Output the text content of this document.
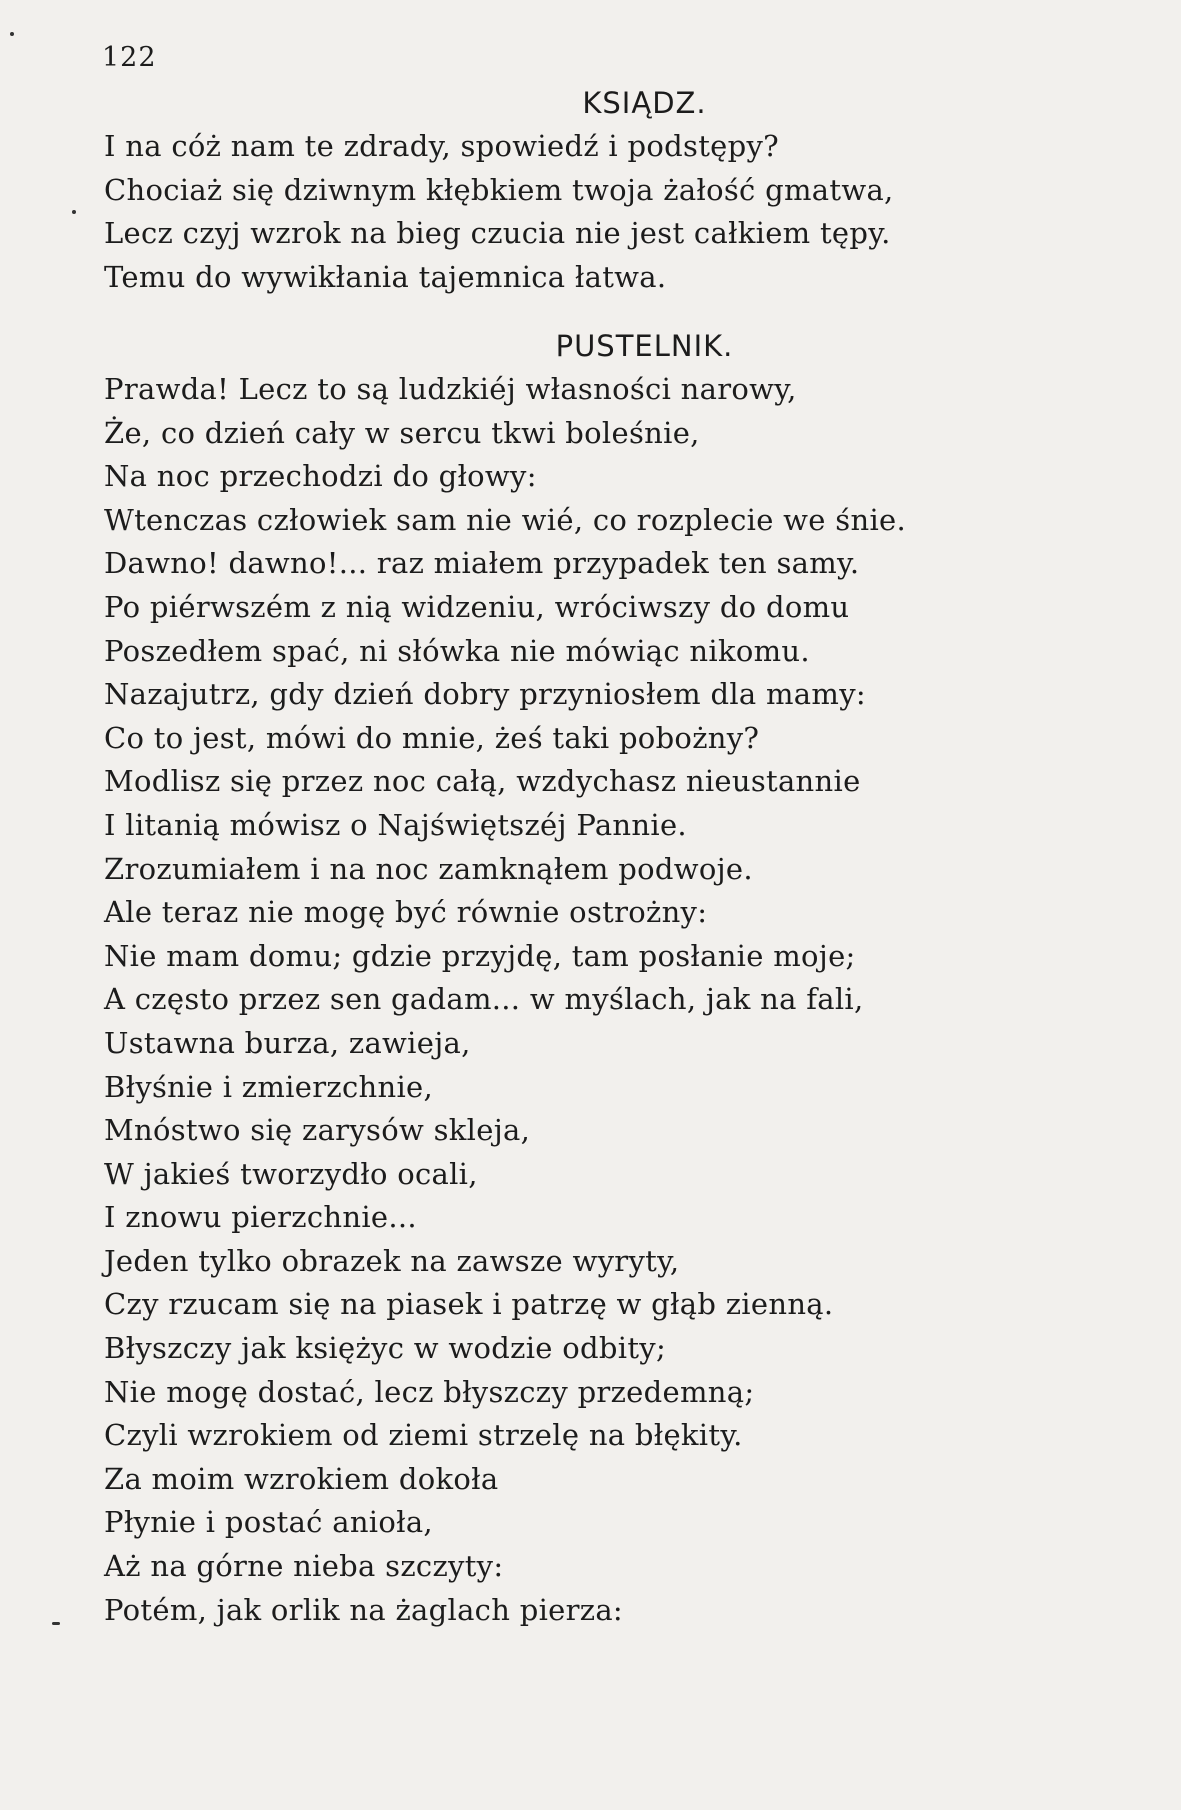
122
KSIĄDZ.
I na cóż nam te zdrady, spowiedź i podstępy?
Chociaż się dziwnym kłębkiem twoja żałość gmatwa,
Lecz czyj wzrok na bieg czucia nie jest całkiem tępy.
Temu do wywikłania tajemnica łatwa.
PUSTELNIK.
Prawda! Lecz to są ludzkiéj własności narowy,
Że, co dzień cały w sercu tkwi boleśnie,
Na noc przechodzi do głowy:
Wtenczas człowiek sam nie wié, co rozplecie we śnie.
Dawno! dawno!... raz miałem przypadek ten samy.
Po piérwszém z nią widzeniu, wróciwszy do domu
Poszedłem spać, ni słówka nie mówiąc nikomu.
Nazajutrz, gdy dzień dobry przyniosłem dla mamy:
Co to jest, mówi do mnie, żeś taki pobożny?
Modlisz się przez noc całą, wzdychasz nieustannie
I litanią mówisz o Najświętszéj Pannie.
Zrozumiałem i na noc zamknąłem podwoje.
Ale teraz nie mogę być równie ostrożny:
Nie mam domu; gdzie przyjdę, tam posłanie moje;
A często przez sen gadam... w myślach, jak na fali,
Ustawna burza, zawieja,
Błyśnie i zmierzchnie,
Mnóstwo się zarysów skleja,
W jakieś tworzydło ocali,
I znowu pierzchnie...
Jeden tylko obrazek na zawsze wyryty,
Czy rzucam się na piasek i patrzę w głąb zienną.
Błyszczy jak księżyc w wodzie odbity;
Nie mogę dostać, lecz błyszczy przedemną;
Czyli wzrokiem od ziemi strzelę na błękity.
Za moim wzrokiem dokoła
Płynie i postać anioła,
Aż na górne nieba szczyty:
Potém, jak orlik na żaglach pierza:
